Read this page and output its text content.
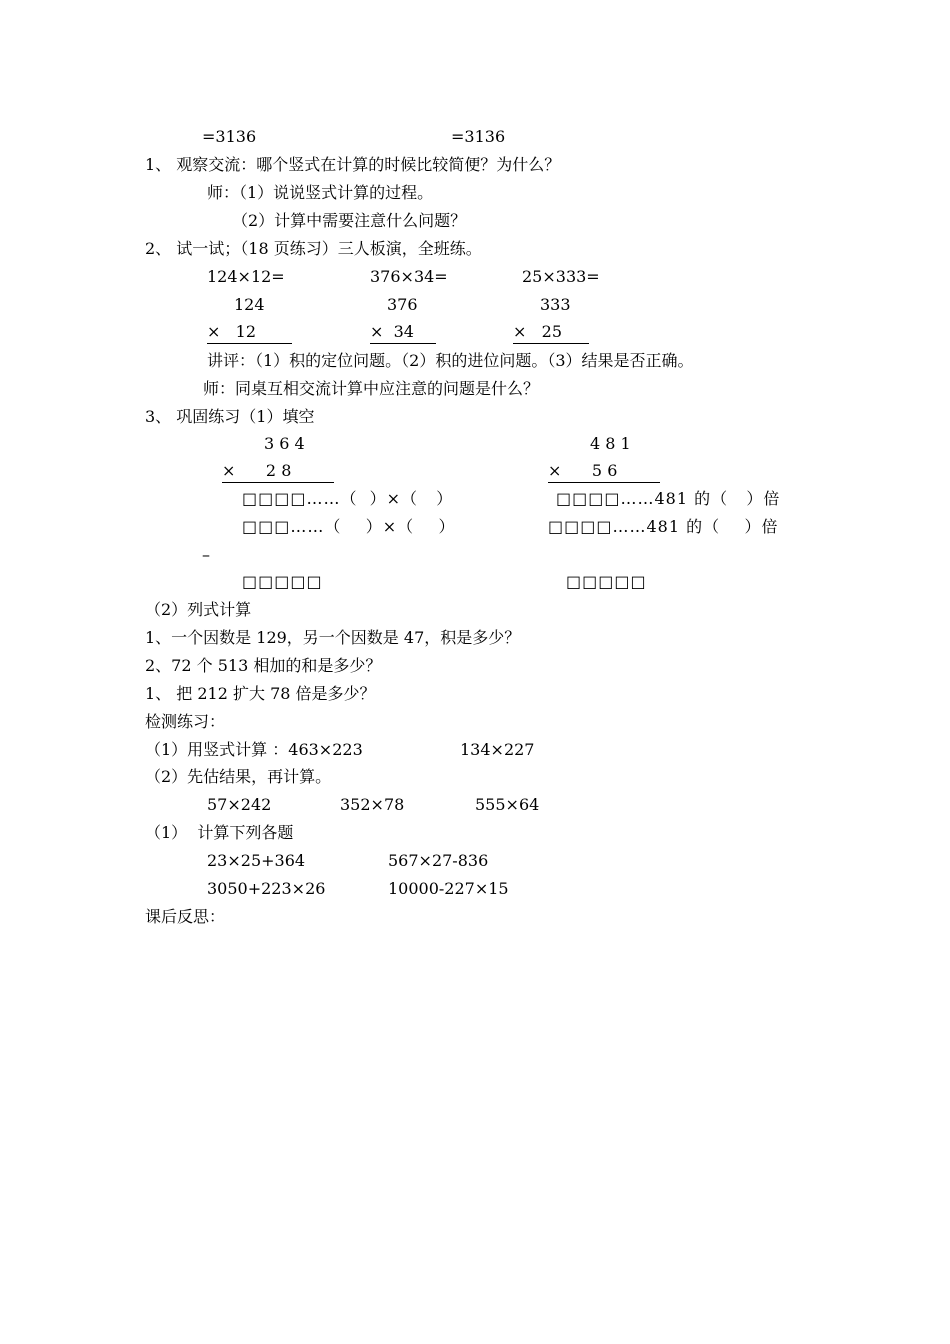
=3136	=3136
1、 观察交流：哪个竖式在计算的时候比较简便？为什么？
师：（1）说说竖式计算的过程。
（2）计算中需要注意什么问题？
2、 试一试；（18 页练习）三人板演，全班练。
124×12=	376×34=	25×333=
124	376	333
×   12	×  34	×   25
讲评：（1）积的定位问题。（2）积的进位问题。（3）结果是否正确。
师：同桌互相交流计算中应注意的问题是什么？
3、 巩固练习（1）填空
3 6 4	4 8 1
×      2 8	×      5 6
□□□□……（  ）×（   ）	□□□□……481 的（   ）倍
□□□……（    ）×（    ）	□□□□……481 的（    ）倍
–
□□□□□	□□□□□
（2）列式计算
1、一个因数是 129，另一个因数是 47，积是多少？
2、72 个 513 相加的和是多少？
1、 把 212 扩大 78 倍是多少？
检测练习：
（1）用竖式计算 ：463×223	134×227
（2）先估结果，再计算。
57×242	352×78	555×64
（1）  计算下列各题
23×25+364	567×27-836
3050+223×26	10000-227×15
课后反思：
